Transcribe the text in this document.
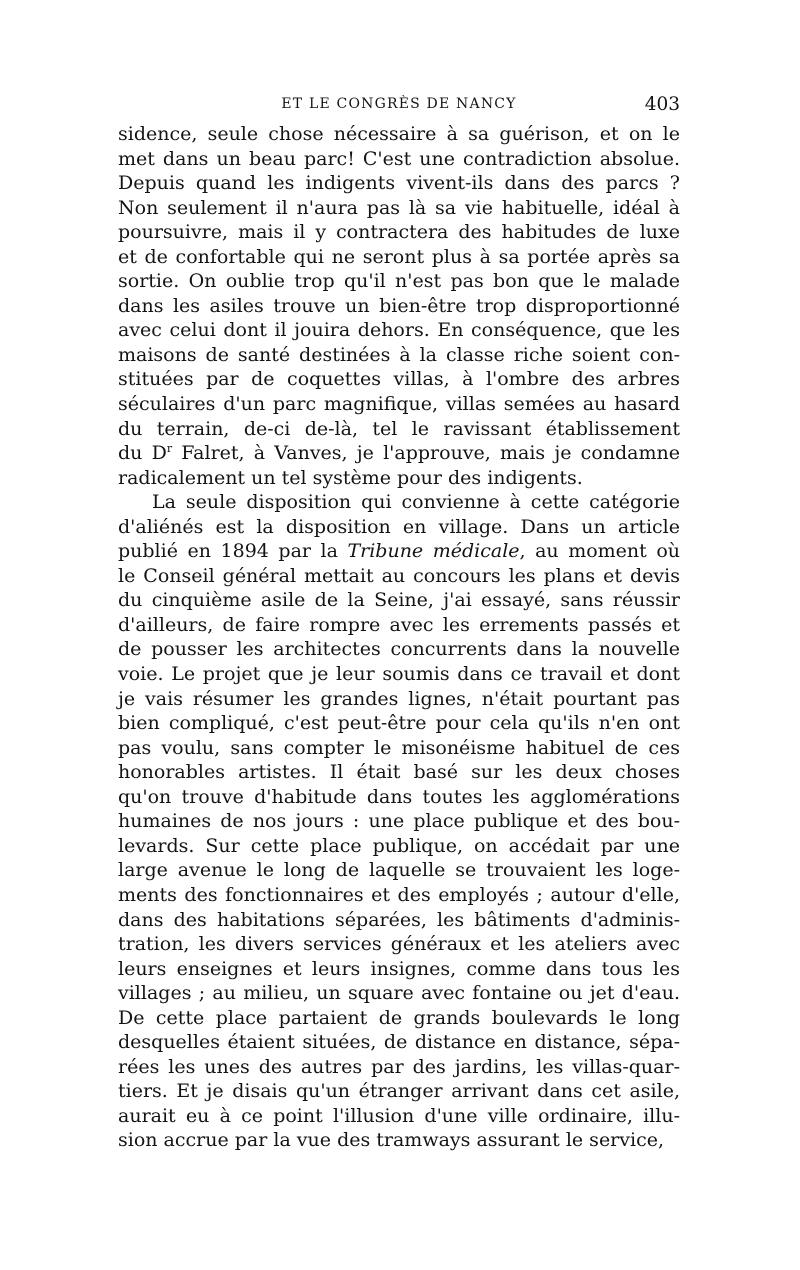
ET LE CONGRÈS DE NANCY	403
sidence, seule chose nécessaire à sa guérison, et on le
met dans un beau parc! C'est une contradiction absolue.
Depuis quand les indigents vivent-ils dans des parcs ?
Non seulement il n'aura pas là sa vie habituelle, idéal à
poursuivre, mais il y contractera des habitudes de luxe
et de confortable qui ne seront plus à sa portée après sa
sortie. On oublie trop qu'il n'est pas bon que le malade
dans les asiles trouve un bien-être trop disproportionné
avec celui dont il jouira dehors. En conséquence, que les
maisons de santé destinées à la classe riche soient con-
stituées par de coquettes villas, à l'ombre des arbres
séculaires d'un parc magnifique, villas semées au hasard
du terrain, de-ci de-là, tel le ravissant établissement
du $D^r$ Falret, à Vanves, je l'approuve, mais je condamne
radicalement un tel système pour des indigents.
La seule disposition qui convienne à cette catégorie
d'aliénés est la disposition en village. Dans un article
publié en 1894 par la Tribune médicale, au moment où
le Conseil général mettait au concours les plans et devis
du cinquième asile de la Seine, j'ai essayé, sans réussir
d'ailleurs, de faire rompre avec les errements passés et
de pousser les architectes concurrents dans la nouvelle
voie. Le projet que je leur soumis dans ce travail et dont
je vais résumer les grandes lignes, n'était pourtant pas
bien compliqué, c'est peut-être pour cela qu'ils n'en ont
pas voulu, sans compter le misonéisme habituel de ces
honorables artistes. Il était basé sur les deux choses
qu'on trouve d'habitude dans toutes les agglomérations
humaines de nos jours : une place publique et des bou-
levards. Sur cette place publique, on accédait par une
large avenue le long de laquelle se trouvaient les loge-
ments des fonctionnaires et des employés ; autour d'elle,
dans des habitations séparées, les bâtiments d'adminis-
tration, les divers services généraux et les ateliers avec
leurs enseignes et leurs insignes, comme dans tous les
villages ; au milieu, un square avec fontaine ou jet d'eau.
De cette place partaient de grands boulevards le long
desquelles étaient situées, de distance en distance, sépa-
rées les unes des autres par des jardins, les villas-quar-
tiers. Et je disais qu'un étranger arrivant dans cet asile,
aurait eu à ce point l'illusion d'une ville ordinaire, illu-
sion accrue par la vue des tramways assurant le service,
